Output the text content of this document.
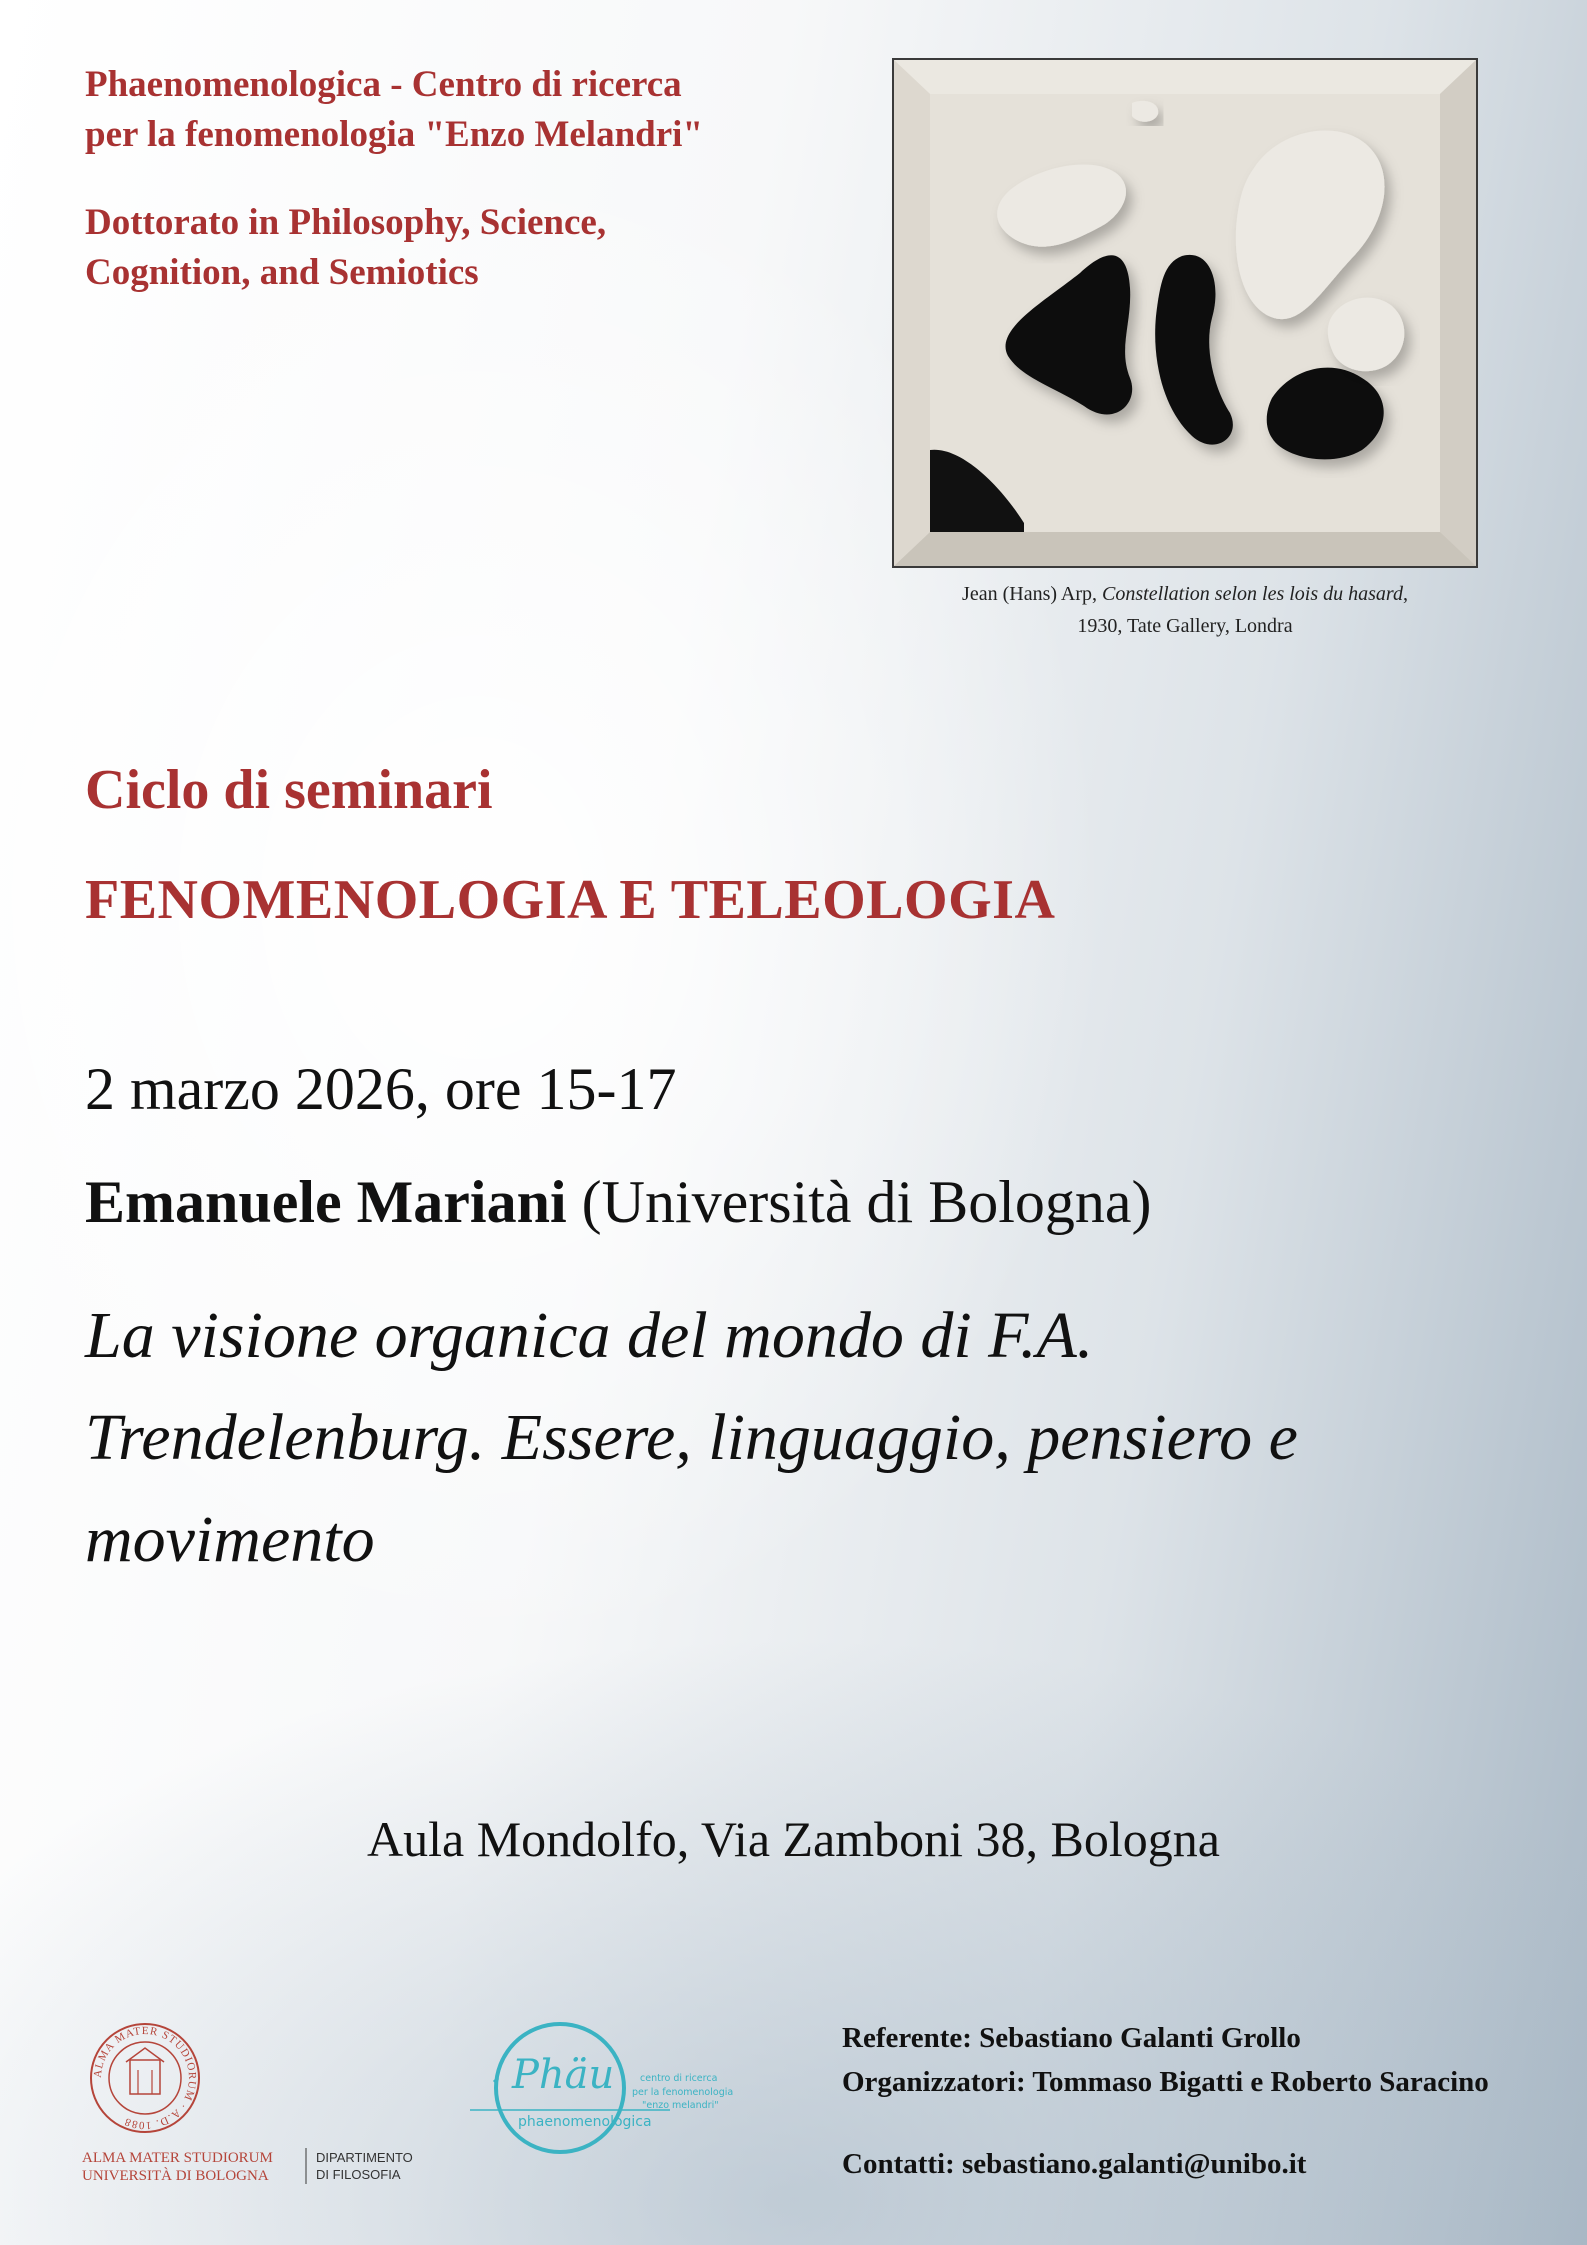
Phaenomenologica - Centro di ricerca
per la fenomenologia "Enzo Melandri"
Dottorato in Philosophy, Science,
Cognition, and Semiotics
Jean (Hans) Arp, Constellation selon les lois du hasard,
1930, Tate Gallery, Londra
Ciclo di seminari
FENOMENOLOGIA E TELEOLOGIA
2 marzo 2026, ore 15-17
Emanuele Mariani (Università di Bologna)
La visione organica del mondo di F.A.
Trendelenburg. Essere, linguaggio, pensiero e
movimento
Aula Mondolfo, Via Zamboni 38, Bologna
ALMA MATER STUDIORUM · A.D. 1088
ALMA MATER STUDIORUM
UNIVERSITÀ DI BOLOGNA
DIPARTIMENTO
DI FILOSOFIA
Phäu
phaenomenologica
centro di ricerca
per la fenomenologia
"enzo melandri"
Referente: Sebastiano Galanti Grollo
Organizzatori: Tommaso Bigatti e Roberto Saracino
Contatti: sebastiano.galanti@unibo.it
